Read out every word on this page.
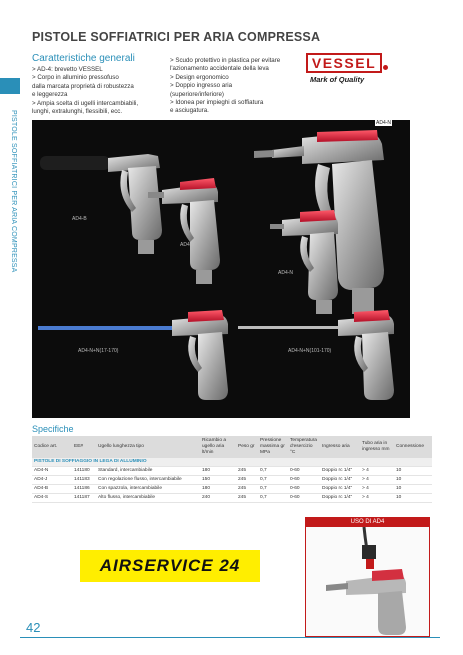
PISTOLE SOFFIATRICI PER ARIA COMPRESSA
PISTOLE SOFFIATRICI PER ARIA COMPRESSA
Caratteristiche generali
> AD-4: brevetto VESSEL
> Corpo in alluminio pressofuso
dalla marcata proprietà di robustezza
e leggerezza
> Ampia scelta di ugelli intercambiabili,
lunghi, extralunghi, flessibili, ecc.
> Scudo protettivo in plastica per evitare
l'azionamento accidentale della leva
> Design ergonomico
> Doppio ingresso aria
(superiore/inferiore)
> Idonea per impieghi di soffiatura
e asciugatura.
VESSEL
Mark of Quality
AD4-N
AD4-B
AD4-J
AD4-N
AD4-N+N(17-170)	AD4-N+N(101-170)
Specifiche
Codice art.	EE#	Ugello lunghezza tipo	Ricambio a ugello aria lt/min	Peso gr	Pressione massima gr MPa	Temperatura d'esercizio °C	Ingresso aria	Tubo aria in ingresso mm	Connessione
PISTOLE DI SOFFIAGGIO IN LEGA DI ALLUMINIO									
AD4-N	141180	Standard, intercambiabile	180	245	0,7	0-60	Doppio rc 1/4"	> 4	10
AD4-J	141183	Con regolazione flusso, intercambiabile	150	245	0,7	0-60	Doppio rc 1/4"	> 4	10
AD4-B	141186	Con spazzola, intercambiabile	180	245	0,7	0-60	Doppio rc 1/4"	> 4	10
AD4-S	141187	Alto flusso, intercambiabile	240	245	0,7	0-60	Doppio rc 1/4"	> 4	10
USO DI AD4
AIRSERVICE 24
42
